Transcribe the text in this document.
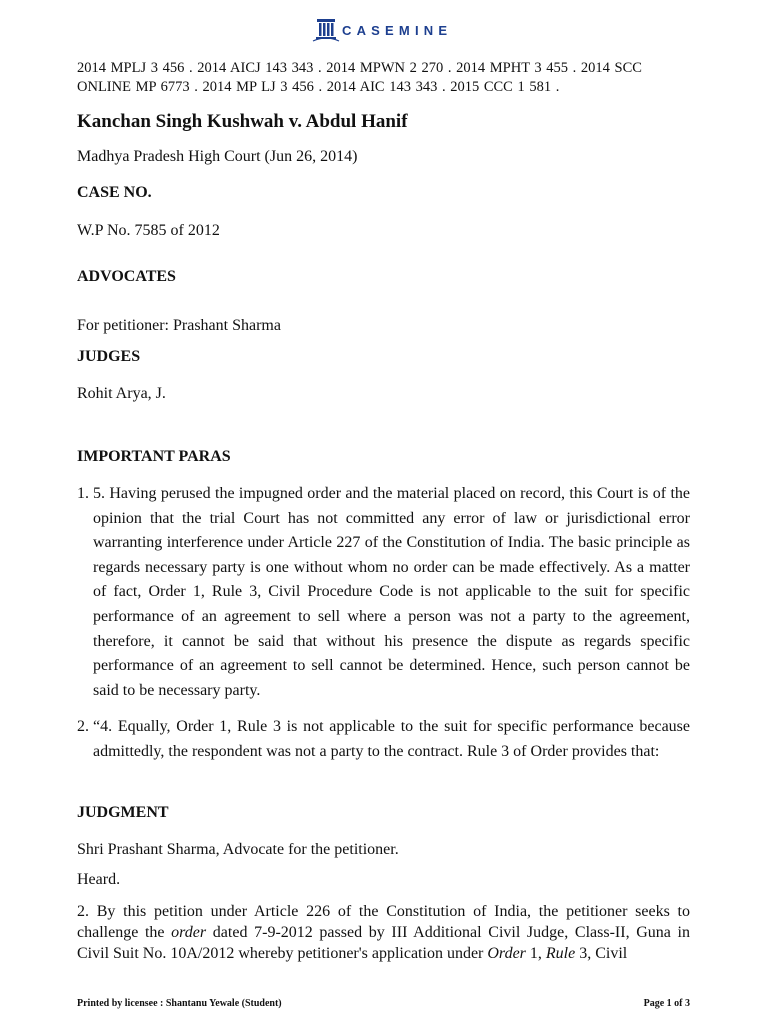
CASEMINE
2014 MPLJ 3 456 . 2014 AICJ 143 343 . 2014 MPWN 2 270 . 2014 MPHT 3 455 . 2014 SCC ONLINE MP 6773 . 2014 MP LJ 3 456 . 2014 AIC 143 343 . 2015 CCC 1 581 .
Kanchan Singh Kushwah v. Abdul Hanif
Madhya Pradesh High Court (Jun 26, 2014)
CASE NO.
W.P No. 7585 of 2012
ADVOCATES
For petitioner: Prashant Sharma
JUDGES
Rohit Arya, J.
IMPORTANT PARAS
1. 5. Having perused the impugned order and the material placed on record, this Court is of the opinion that the trial Court has not committed any error of law or jurisdictional error warranting interference under Article 227 of the Constitution of India. The basic principle as regards necessary party is one without whom no order can be made effectively. As a matter of fact, Order 1, Rule 3, Civil Procedure Code is not applicable to the suit for specific performance of an agreement to sell where a person was not a party to the agreement, therefore, it cannot be said that without his presence the dispute as regards specific performance of an agreement to sell cannot be determined. Hence, such person cannot be said to be necessary party.
2. “4. Equally, Order 1, Rule 3 is not applicable to the suit for specific performance because admittedly, the respondent was not a party to the contract. Rule 3 of Order provides that:
JUDGMENT
Shri Prashant Sharma, Advocate for the petitioner.
Heard.
2. By this petition under Article 226 of the Constitution of India, the petitioner seeks to challenge the order dated 7-9-2012 passed by III Additional Civil Judge, Class-II, Guna in Civil Suit No. 10A/2012 whereby petitioner's application under Order 1, Rule 3, Civil
Printed by licensee : Shantanu Yewale (Student)	Page 1 of 3
